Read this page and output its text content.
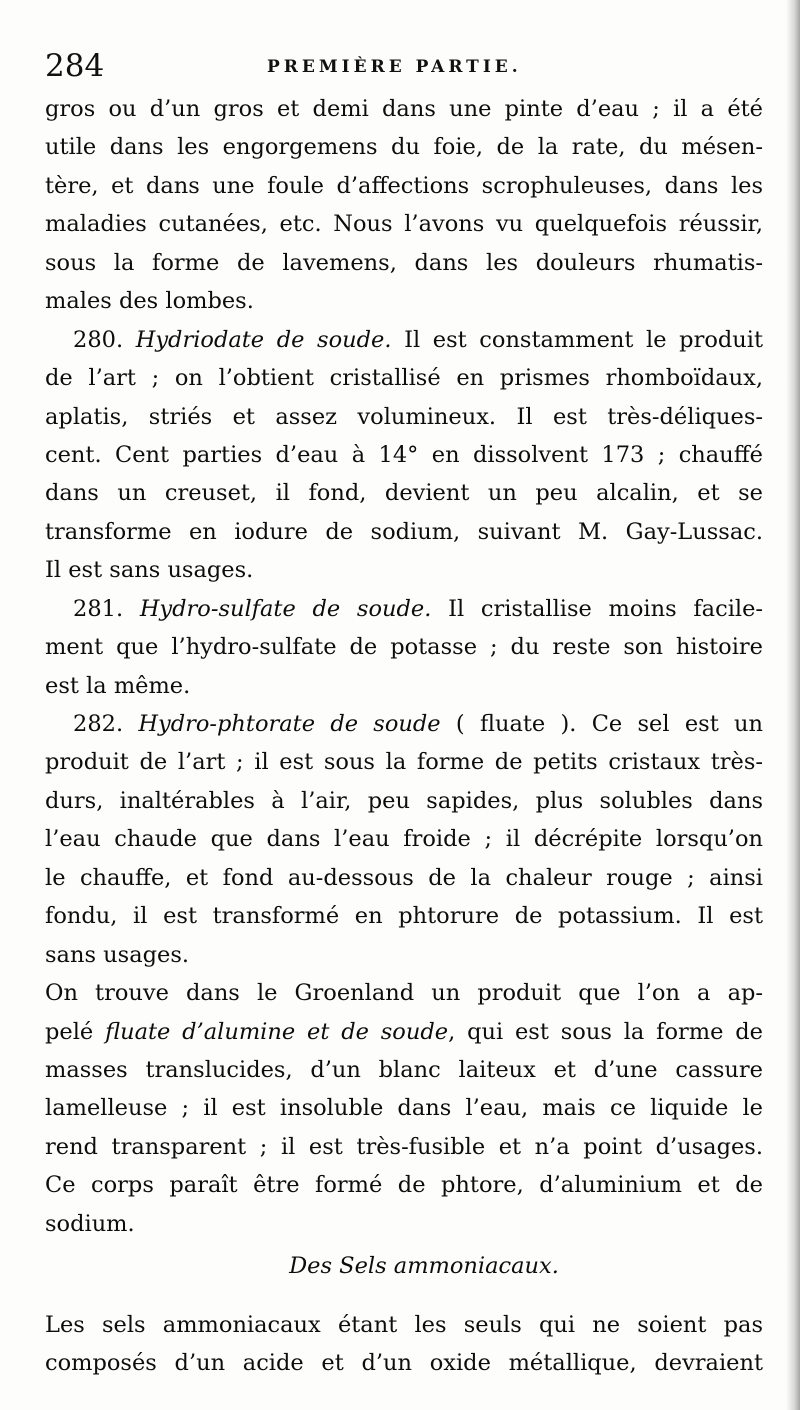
284	PREMIÈRE PARTIE.
gros ou d’un gros et demi dans une pinte d’eau ; il a été
utile dans les engorgemens du foie, de la rate, du mésen-
tère, et dans une foule d’affections scrophuleuses, dans les
maladies cutanées, etc. Nous l’avons vu quelquefois réussir,
sous la forme de lavemens, dans les douleurs rhumatis-
males des lombes.
280. Hydriodate de soude. Il est constamment le produit
de l’art ; on l’obtient cristallisé en prismes rhomboïdaux,
aplatis, striés et assez volumineux. Il est très-déliques-
cent. Cent parties d’eau à 14° en dissolvent 173 ; chauffé
dans un creuset, il fond, devient un peu alcalin, et se
transforme en iodure de sodium, suivant M. Gay-Lussac.
Il est sans usages.
281. Hydro-sulfate de soude. Il cristallise moins facile-
ment que l’hydro-sulfate de potasse ; du reste son histoire
est la même.
282. Hydro-phtorate de soude ( fluate ). Ce sel est un
produit de l’art ; il est sous la forme de petits cristaux très-
durs, inaltérables à l’air, peu sapides, plus solubles dans
l’eau chaude que dans l’eau froide ; il décrépite lorsqu’on
le chauffe, et fond au-dessous de la chaleur rouge ; ainsi
fondu, il est transformé en phtorure de potassium. Il est
sans usages.
On trouve dans le Groenland un produit que l’on a ap-
pelé fluate d’alumine et de soude, qui est sous la forme de
masses translucides, d’un blanc laiteux et d’une cassure
lamelleuse ; il est insoluble dans l’eau, mais ce liquide le
rend transparent ; il est très-fusible et n’a point d’usages.
Ce corps paraît être formé de phtore, d’aluminium et de
sodium.
Des Sels ammoniacaux.
Les sels ammoniacaux étant les seuls qui ne soient pas
composés d’un acide et d’un oxide métallique, devraient
